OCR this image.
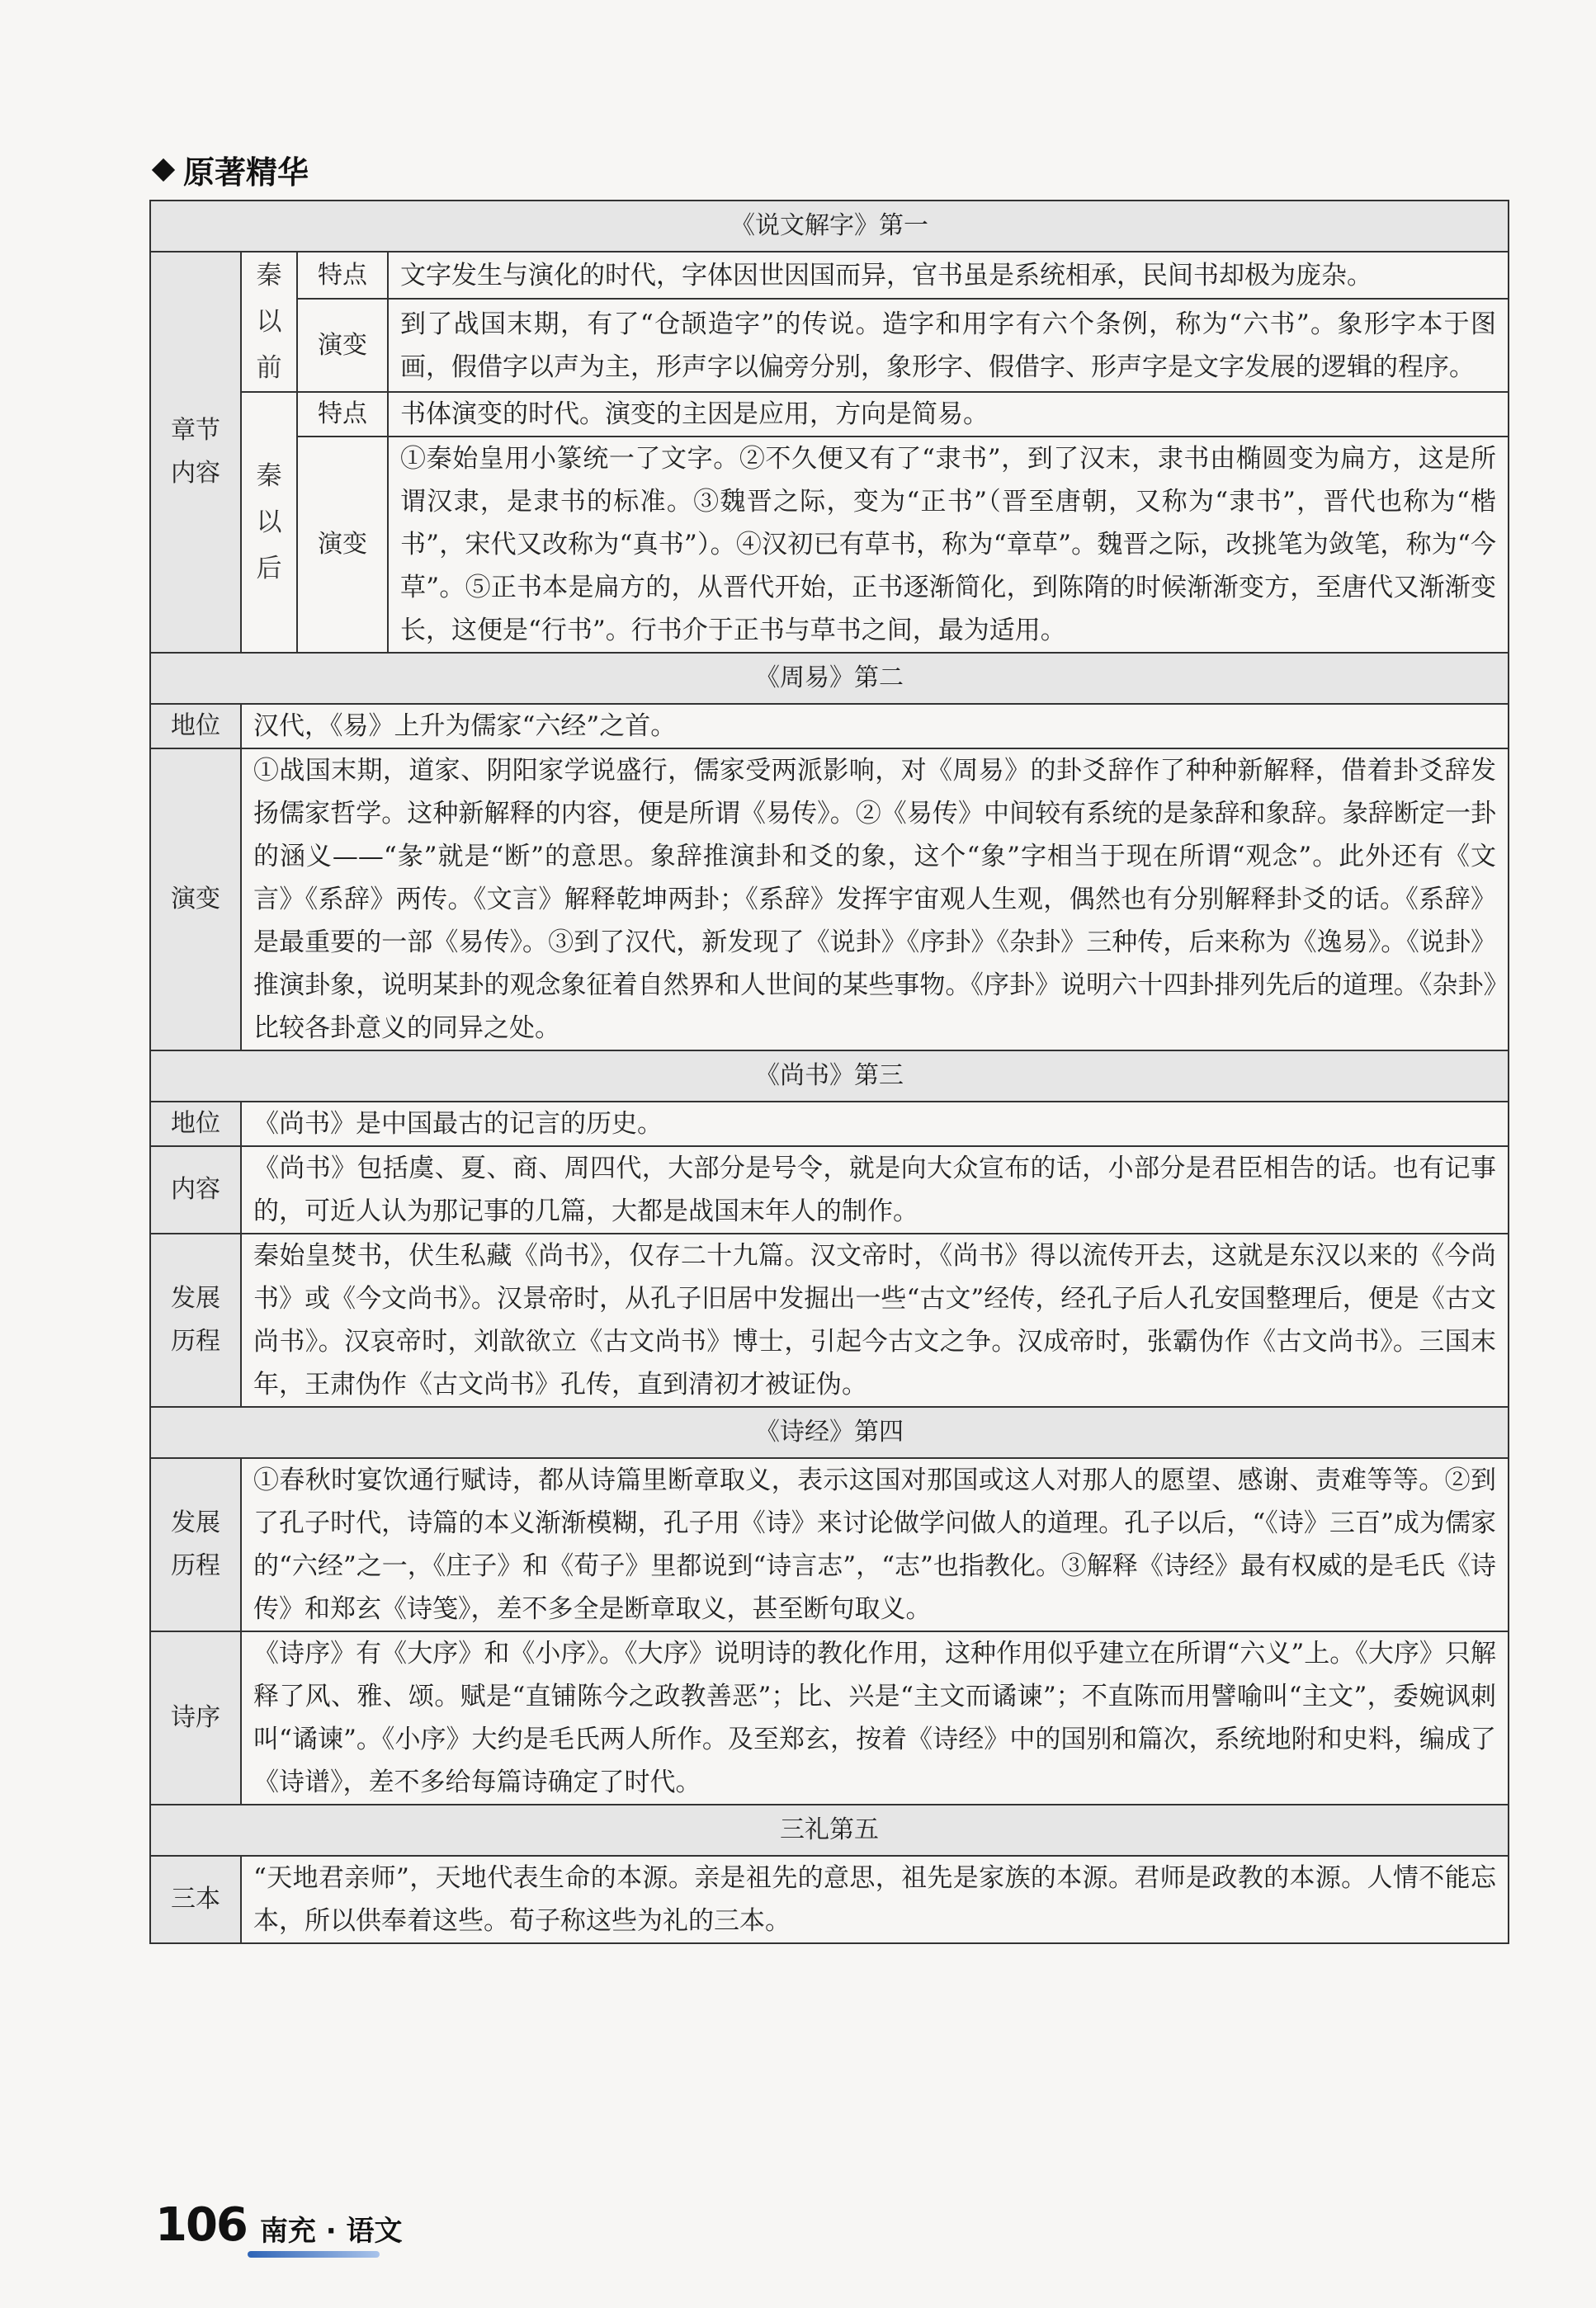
原著精华
《说文解字》第一			
章节内容	秦以前	特点	文字发生与演化的时代，字体因世因国而异，官书虽是系统相承，民间书却极为庞杂。
		演变	到了战国末期，有了“仓颉造字”的传说。造字和用字有六个条例，称为“六书”。象形字本于图画，假借字以声为主，形声字以偏旁分别，象形字、假借字、形声字是文字发展的逻辑的程序。
	秦以后	特点	书体演变的时代。演变的主因是应用，方向是简易。
		演变	①秦始皇用小篆统一了文字。②不久便又有了“隶书”，到了汉末，隶书由椭圆变为扁方，这是所谓汉隶，是隶书的标准。③魏晋之际，变为“正书”（晋至唐朝，又称为“隶书”，晋代也称为“楷书”，宋代又改称为“真书”）。④汉初已有草书，称为“章草”。魏晋之际，改挑笔为敛笔，称为“今草”。⑤正书本是扁方的，从晋代开始，正书逐渐简化，到陈隋的时候渐渐变方，至唐代又渐渐变长，这便是“行书”。行书介于正书与草书之间，最为适用。
《周易》第二			
地位	汉代，《易》上升为儒家“六经”之首。		
演变	①战国末期，道家、阴阳家学说盛行，儒家受两派影响，对《周易》的卦爻辞作了种种新解释，借着卦爻辞发扬儒家哲学。这种新解释的内容，便是所谓《易传》。②《易传》中间较有系统的是彖辞和象辞。彖辞断定一卦的涵义——“彖”就是“断”的意思。象辞推演卦和爻的象，这个“象”字相当于现在所谓“观念”。此外还有《文言》《系辞》两传。《文言》解释乾坤两卦；《系辞》发挥宇宙观人生观，偶然也有分别解释卦爻的话。《系辞》是最重要的一部《易传》。③到了汉代，新发现了《说卦》《序卦》《杂卦》三种传，后来称为《逸易》。《说卦》推演卦象，说明某卦的观念象征着自然界和人世间的某些事物。《序卦》说明六十四卦排列先后的道理。《杂卦》比较各卦意义的同异之处。		
《尚书》第三			
地位	《尚书》是中国最古的记言的历史。		
内容	《尚书》包括虞、夏、商、周四代，大部分是号令，就是向大众宣布的话，小部分是君臣相告的话。也有记事的，可近人认为那记事的几篇，大都是战国末年人的制作。		
发展历程	秦始皇焚书，伏生私藏《尚书》，仅存二十九篇。汉文帝时，《尚书》得以流传开去，这就是东汉以来的《今尚书》或《今文尚书》。汉景帝时，从孔子旧居中发掘出一些“古文”经传，经孔子后人孔安国整理后，便是《古文尚书》。汉哀帝时，刘歆欲立《古文尚书》博士，引起今古文之争。汉成帝时，张霸伪作《古文尚书》。三国末年，王肃伪作《古文尚书》孔传，直到清初才被证伪。		
《诗经》第四			
发展历程	①春秋时宴饮通行赋诗，都从诗篇里断章取义，表示这国对那国或这人对那人的愿望、感谢、责难等等。②到了孔子时代，诗篇的本义渐渐模糊，孔子用《诗》来讨论做学问做人的道理。孔子以后，“《诗》三百”成为儒家的“六经”之一，《庄子》和《荀子》里都说到“诗言志”，“志”也指教化。③解释《诗经》最有权威的是毛氏《诗传》和郑玄《诗笺》，差不多全是断章取义，甚至断句取义。		
诗序	《诗序》有《大序》和《小序》。《大序》说明诗的教化作用，这种作用似乎建立在所谓“六义”上。《大序》只解释了风、雅、颂。赋是“直铺陈今之政教善恶”；比、兴是“主文而谲谏”；不直陈而用譬喻叫“主文”，委婉讽刺叫“谲谏”。《小序》大约是毛氏两人所作。及至郑玄，按着《诗经》中的国别和篇次，系统地附和史料，编成了《诗谱》，差不多给每篇诗确定了时代。		
三礼第五			
三本	“天地君亲师”，天地代表生命的本源。亲是祖先的意思，祖先是家族的本源。君师是政教的本源。人情不能忘本，所以供奉着这些。荀子称这些为礼的三本。		
106 南充 · 语文
